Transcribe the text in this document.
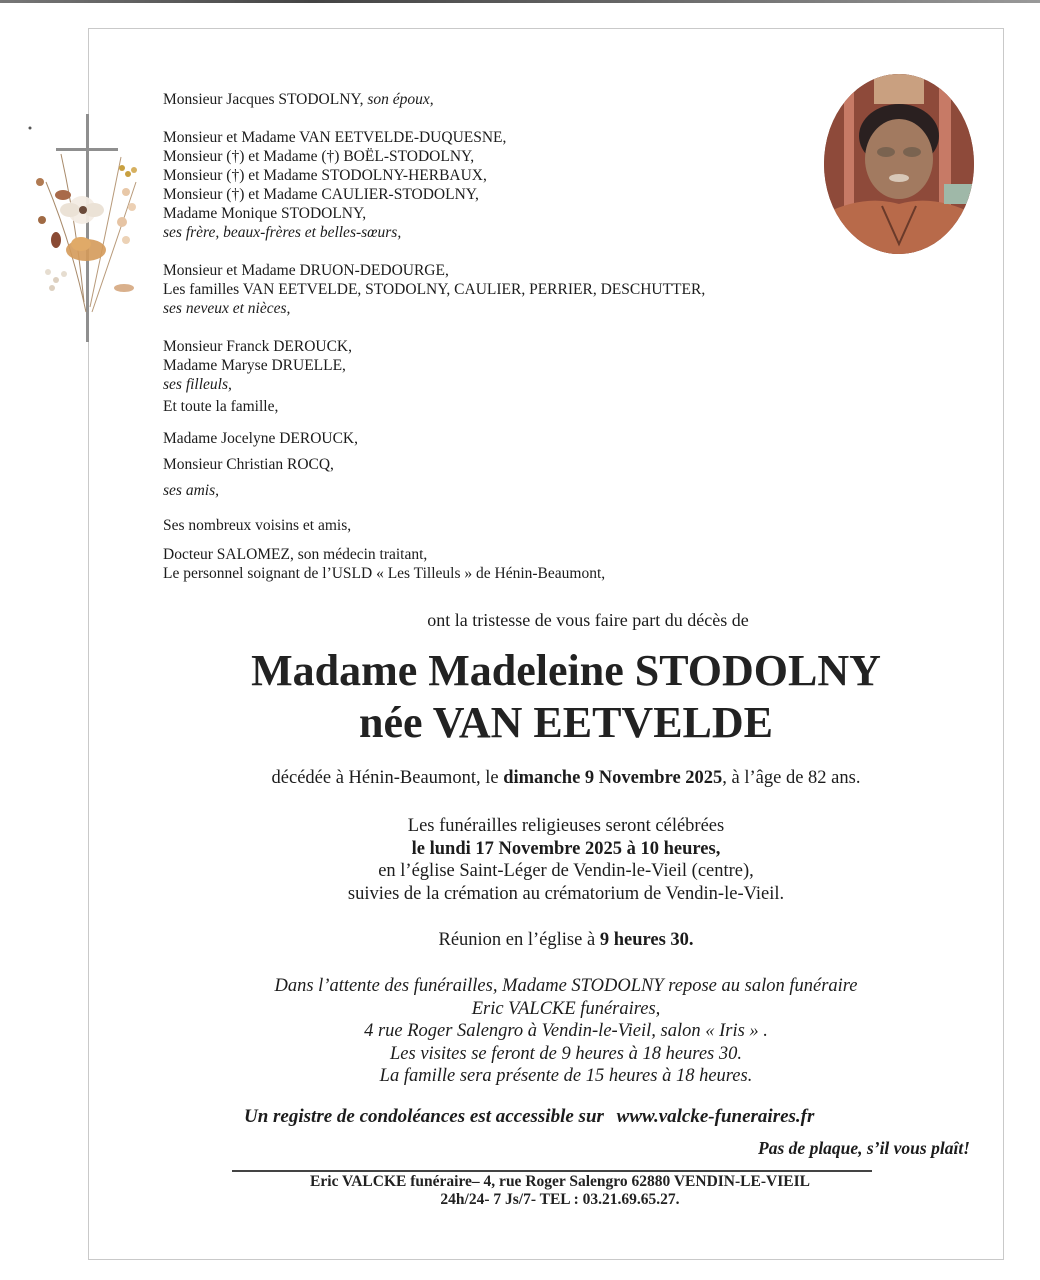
Monsieur Jacques STODOLNY, son époux,
Monsieur et Madame VAN EETVELDE-DUQUESNE,
Monsieur (†) et Madame (†) BOËL-STODOLNY,
Monsieur (†) et Madame STODOLNY-HERBAUX,
Monsieur (†) et Madame CAULIER-STODOLNY,
Madame Monique STODOLNY,
ses frère, beaux-frères et belles-sœurs,
Monsieur et Madame DRUON-DEDOURGE,
Les familles VAN EETVELDE, STODOLNY, CAULIER, PERRIER, DESCHUTTER,
ses neveux et nièces,
Monsieur Franck DEROUCK,
Madame Maryse DRUELLE,
ses filleuls,
Et toute la famille,
Madame Jocelyne DEROUCK,
Monsieur Christian ROCQ,
ses amis,
Ses nombreux voisins et amis,
Docteur SALOMEZ, son médecin traitant,
Le personnel soignant de l’USLD « Les Tilleuls » de Hénin-Beaumont,
ont la tristesse de vous faire part du décès de
Madame Madeleine STODOLNY
née VAN EETVELDE
décédée à Hénin-Beaumont, le dimanche 9 Novembre 2025, à l’âge de 82 ans.
Les funérailles religieuses seront célébrées
le lundi 17 Novembre 2025 à 10 heures,
en l’église Saint-Léger de Vendin-le-Vieil (centre),
suivies de la crémation au crématorium de Vendin-le-Vieil.
Réunion en l’église à 9 heures 30.
Dans l’attente des funérailles, Madame STODOLNY repose au salon funéraire
Eric VALCKE funéraires,
4 rue Roger Salengro à Vendin-le-Vieil, salon « Iris » .
Les visites se feront de 9 heures à 18 heures 30.
La famille sera présente de 15 heures à 18 heures.
Un registre de condoléances est accessible sur www.valcke-funeraires.fr
Pas de plaque, s’il vous plaît!
Eric VALCKE funéraire– 4, rue Roger Salengro 62880 VENDIN-LE-VIEIL
24h/24- 7 Js/7- TEL : 03.21.69.65.27.
